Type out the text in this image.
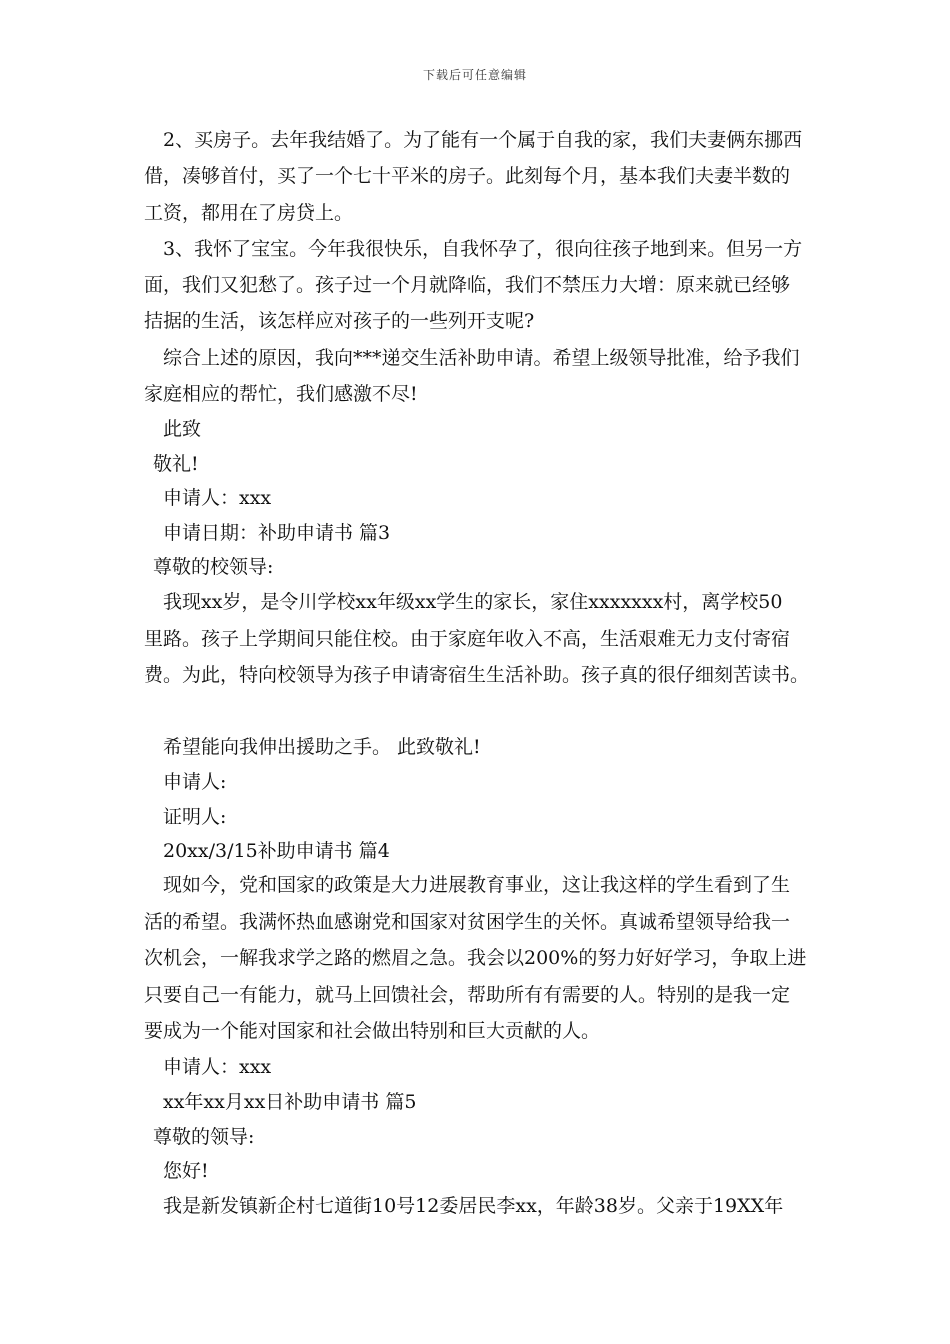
下载后可任意编辑
2、买房子。去年我结婚了。为了能有一个属于自我的家，我们夫妻俩东挪西
借，凑够首付，买了一个七十平米的房子。此刻每个月，基本我们夫妻半数的
工资，都用在了房贷上。
3、我怀了宝宝。今年我很快乐，自我怀孕了，很向往孩子地到来。但另一方
面，我们又犯愁了。孩子过一个月就降临，我们不禁压力大增：原来就已经够
拮据的生活，该怎样应对孩子的一些列开支呢?
综合上述的原因，我向***递交生活补助申请。希望上级领导批准，给予我们
家庭相应的帮忙，我们感激不尽!
此致
敬礼!
申请人：xxx
申请日期：补助申请书 篇3
尊敬的校领导:
我现xx岁，是令川学校xx年级xx学生的家长，家住xxxxxxx村，离学校50
里路。孩子上学期间只能住校。由于家庭年收入不高，生活艰难无力支付寄宿
费。为此，特向校领导为孩子申请寄宿生生活补助。孩子真的很仔细刻苦读书。
希望能向我伸出援助之手。 此致敬礼!
申请人:
证明人:
20xx/3/15补助申请书 篇4
现如今，党和国家的政策是大力进展教育事业，这让我这样的学生看到了生
活的希望。我满怀热血感谢党和国家对贫困学生的关怀。真诚希望领导给我一
次机会，一解我求学之路的燃眉之急。我会以200%的努力好好学习，争取上进
只要自己一有能力，就马上回馈社会，帮助所有有需要的人。特别的是我一定
要成为一个能对国家和社会做出特别和巨大贡献的人。
申请人：xxx
xx年xx月xx日补助申请书 篇5
尊敬的领导:
您好!
我是新发镇新企村七道街10号12委居民李xx，年龄38岁。父亲于19XX年
